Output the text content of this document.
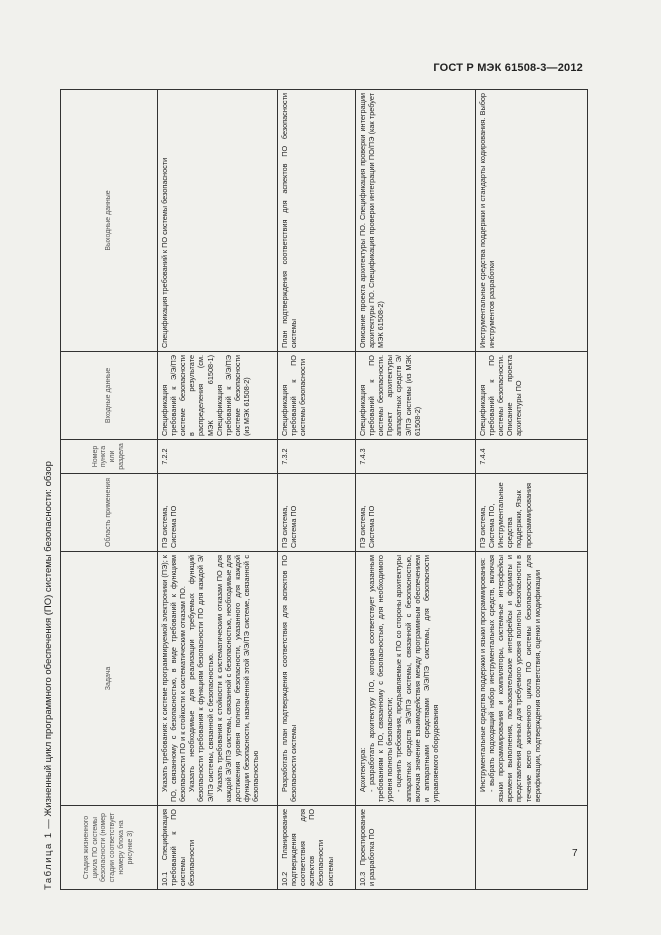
ГОСТ Р МЭК 61508-3—2012
Таблица 1 — Жизненный цикл программного обеспечения (ПО) системы безопасности: обзор
Стадия жизненного цикла ПО системы безопасности (номер стадии соответствует номеру блока на рисунке 3)	Задача	Область применения	Номер пункта или раздела	Входные данные	Выходные данные
10.1 Спецификация требований к ПО системы безопасности	Указать требования: к системе программируемой электроники (ПЭ); к ПО, связанному с безопасностью, в виде требований к функциям безопасности ПО и к стойкости к систематическим отказам ПО. Указать необходимые для реализации требуемых функций безопасности требования к функциям безопасности ПО для каждой Э/Э/ПЭ системы, связанной с безопасностью. Указать требования к стойкости к систематическим отказам ПО для каждой Э/Э/ПЭ системы, связанной с безопасностью, необходимые для достижения уровня полноты безопасности, указанного для каждой функции безопасности, назначенной этой Э/Э/ПЭ системе, связанной с безопасностью	ПЭ система, Система ПО	7.2.2	Спецификация требований к Э/Э/ПЭ системе безопасности в результате распределения (см. МЭК 61508-1) Спецификация требований к Э/Э/ПЭ системе безопасности (из МЭК 61508-2)	Спецификация требований к ПО системы безопасности
10.2 Планирование подтверждения соответствия для аспектов ПО безопасности системы	Разработать план подтверждения соответствия для аспектов ПО безопасности системы	ПЭ система, Система ПО	7.3.2	Спецификация требований к ПО системы безопасности	План подтверждения соответствия для аспектов ПО безопасности системы
10.3 Проектирование и разработка ПО	Архитектура: - разработать архитектуру ПО, которая соответствует указанным требованиям к ПО, связанному с безопасностью, для необходимого уровня полноты безопасности; - оценить требования, предъявляемые к ПО со стороны архитектуры аппаратных средств Э/Э/ПЭ системы, связанной с безопасностью, включая значение взаимодействия между программным обеспечением и аппаратными средствами Э/Э/ПЭ системы, для безопасности управляемого оборудования	ПЭ система, Система ПО	7.4.3	Спецификация требований к ПО системы безопасности. Проект архитектуры аппаратных средств Э/Э/ПЭ системы (из МЭК 61508-2)	Описание проекта архитектуры ПО. Спецификация проверки интеграции архитектуры ПО. Спецификация проверки интеграции ПО/ПЭ (как требует МЭК 61508-2)

	Инструментальные средства поддержки и языки программирования: - выбрать подходящий набор инструментальных средств, включая языки программирования и компиляторы, системные интерфейсы времени выполнения, пользовательские интерфейсы и форматы и представления данных для требуемого уровня полноты безопасности в течение всего жизненного цикла ПО системы безопасности для верификации, подтверждения соответствия, оценки и модификации	ПЭ система, Система ПО, Инструментальные средства поддержки, Язык программирования	7.4.4	Спецификация требований к ПО системы безопасности. Описание проекта архитектуры ПО	Инструментальные средства поддержки и стандарты кодирования. Выбор инструментов разработки
7
